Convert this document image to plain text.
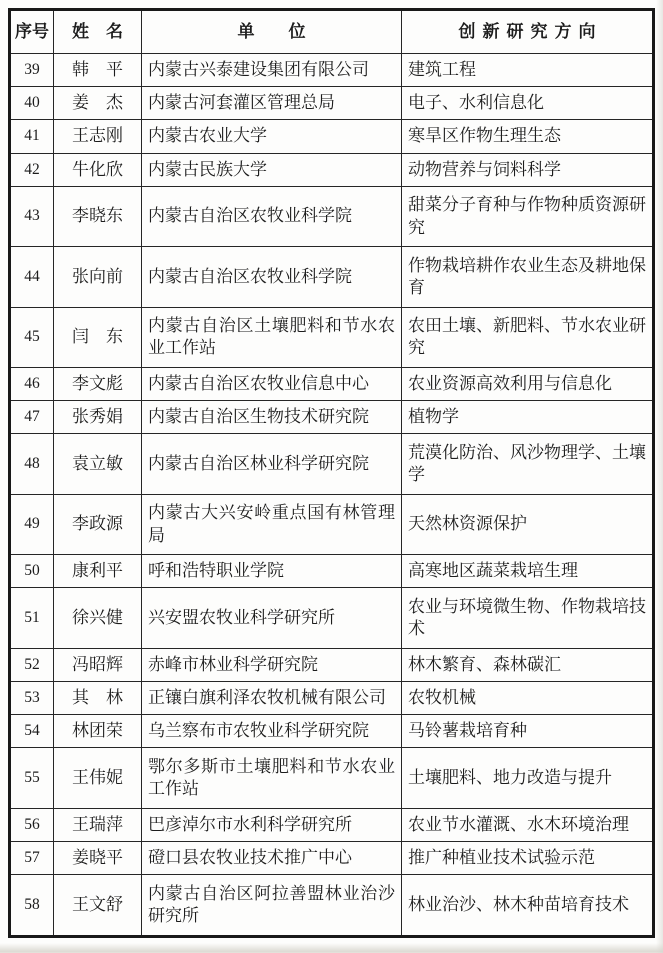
序号	姓　名	单　　位	创新研究方向
39	韩　平	内蒙古兴泰建设集团有限公司	建筑工程
40	姜　杰	内蒙古河套灌区管理总局	电子、水利信息化
41	王志刚	内蒙古农业大学	寒旱区作物生理生态
42	牛化欣	内蒙古民族大学	动物营养与饲料科学
43	李晓东	内蒙古自治区农牧业科学院	甜菜分子育种与作物种质资源研究
44	张向前	内蒙古自治区农牧业科学院	作物栽培耕作农业生态及耕地保育
45	闫　东	内蒙古自治区土壤肥料和节水农业工作站	农田土壤、新肥料、节水农业研究
46	李文彪	内蒙古自治区农牧业信息中心	农业资源高效利用与信息化
47	张秀娟	内蒙古自治区生物技术研究院	植物学
48	袁立敏	内蒙古自治区林业科学研究院	荒漠化防治、风沙物理学、土壤学
49	李政源	内蒙古大兴安岭重点国有林管理局	天然林资源保护
50	康利平	呼和浩特职业学院	高寒地区蔬菜栽培生理
51	徐兴健	兴安盟农牧业科学研究所	农业与环境微生物、作物栽培技术
52	冯昭辉	赤峰市林业科学研究院	林木繁育、森林碳汇
53	其　林	正镶白旗利泽农牧机械有限公司	农牧机械
54	林团荣	乌兰察布市农牧业科学研究院	马铃薯栽培育种
55	王伟妮	鄂尔多斯市土壤肥料和节水农业工作站	土壤肥料、地力改造与提升
56	王瑞萍	巴彦淖尔市水利科学研究所	农业节水灌溉、水木环境治理
57	姜晓平	磴口县农牧业技术推广中心	推广种植业技术试验示范
58	王文舒	内蒙古自治区阿拉善盟林业治沙研究所	林业治沙、林木种苗培育技术
